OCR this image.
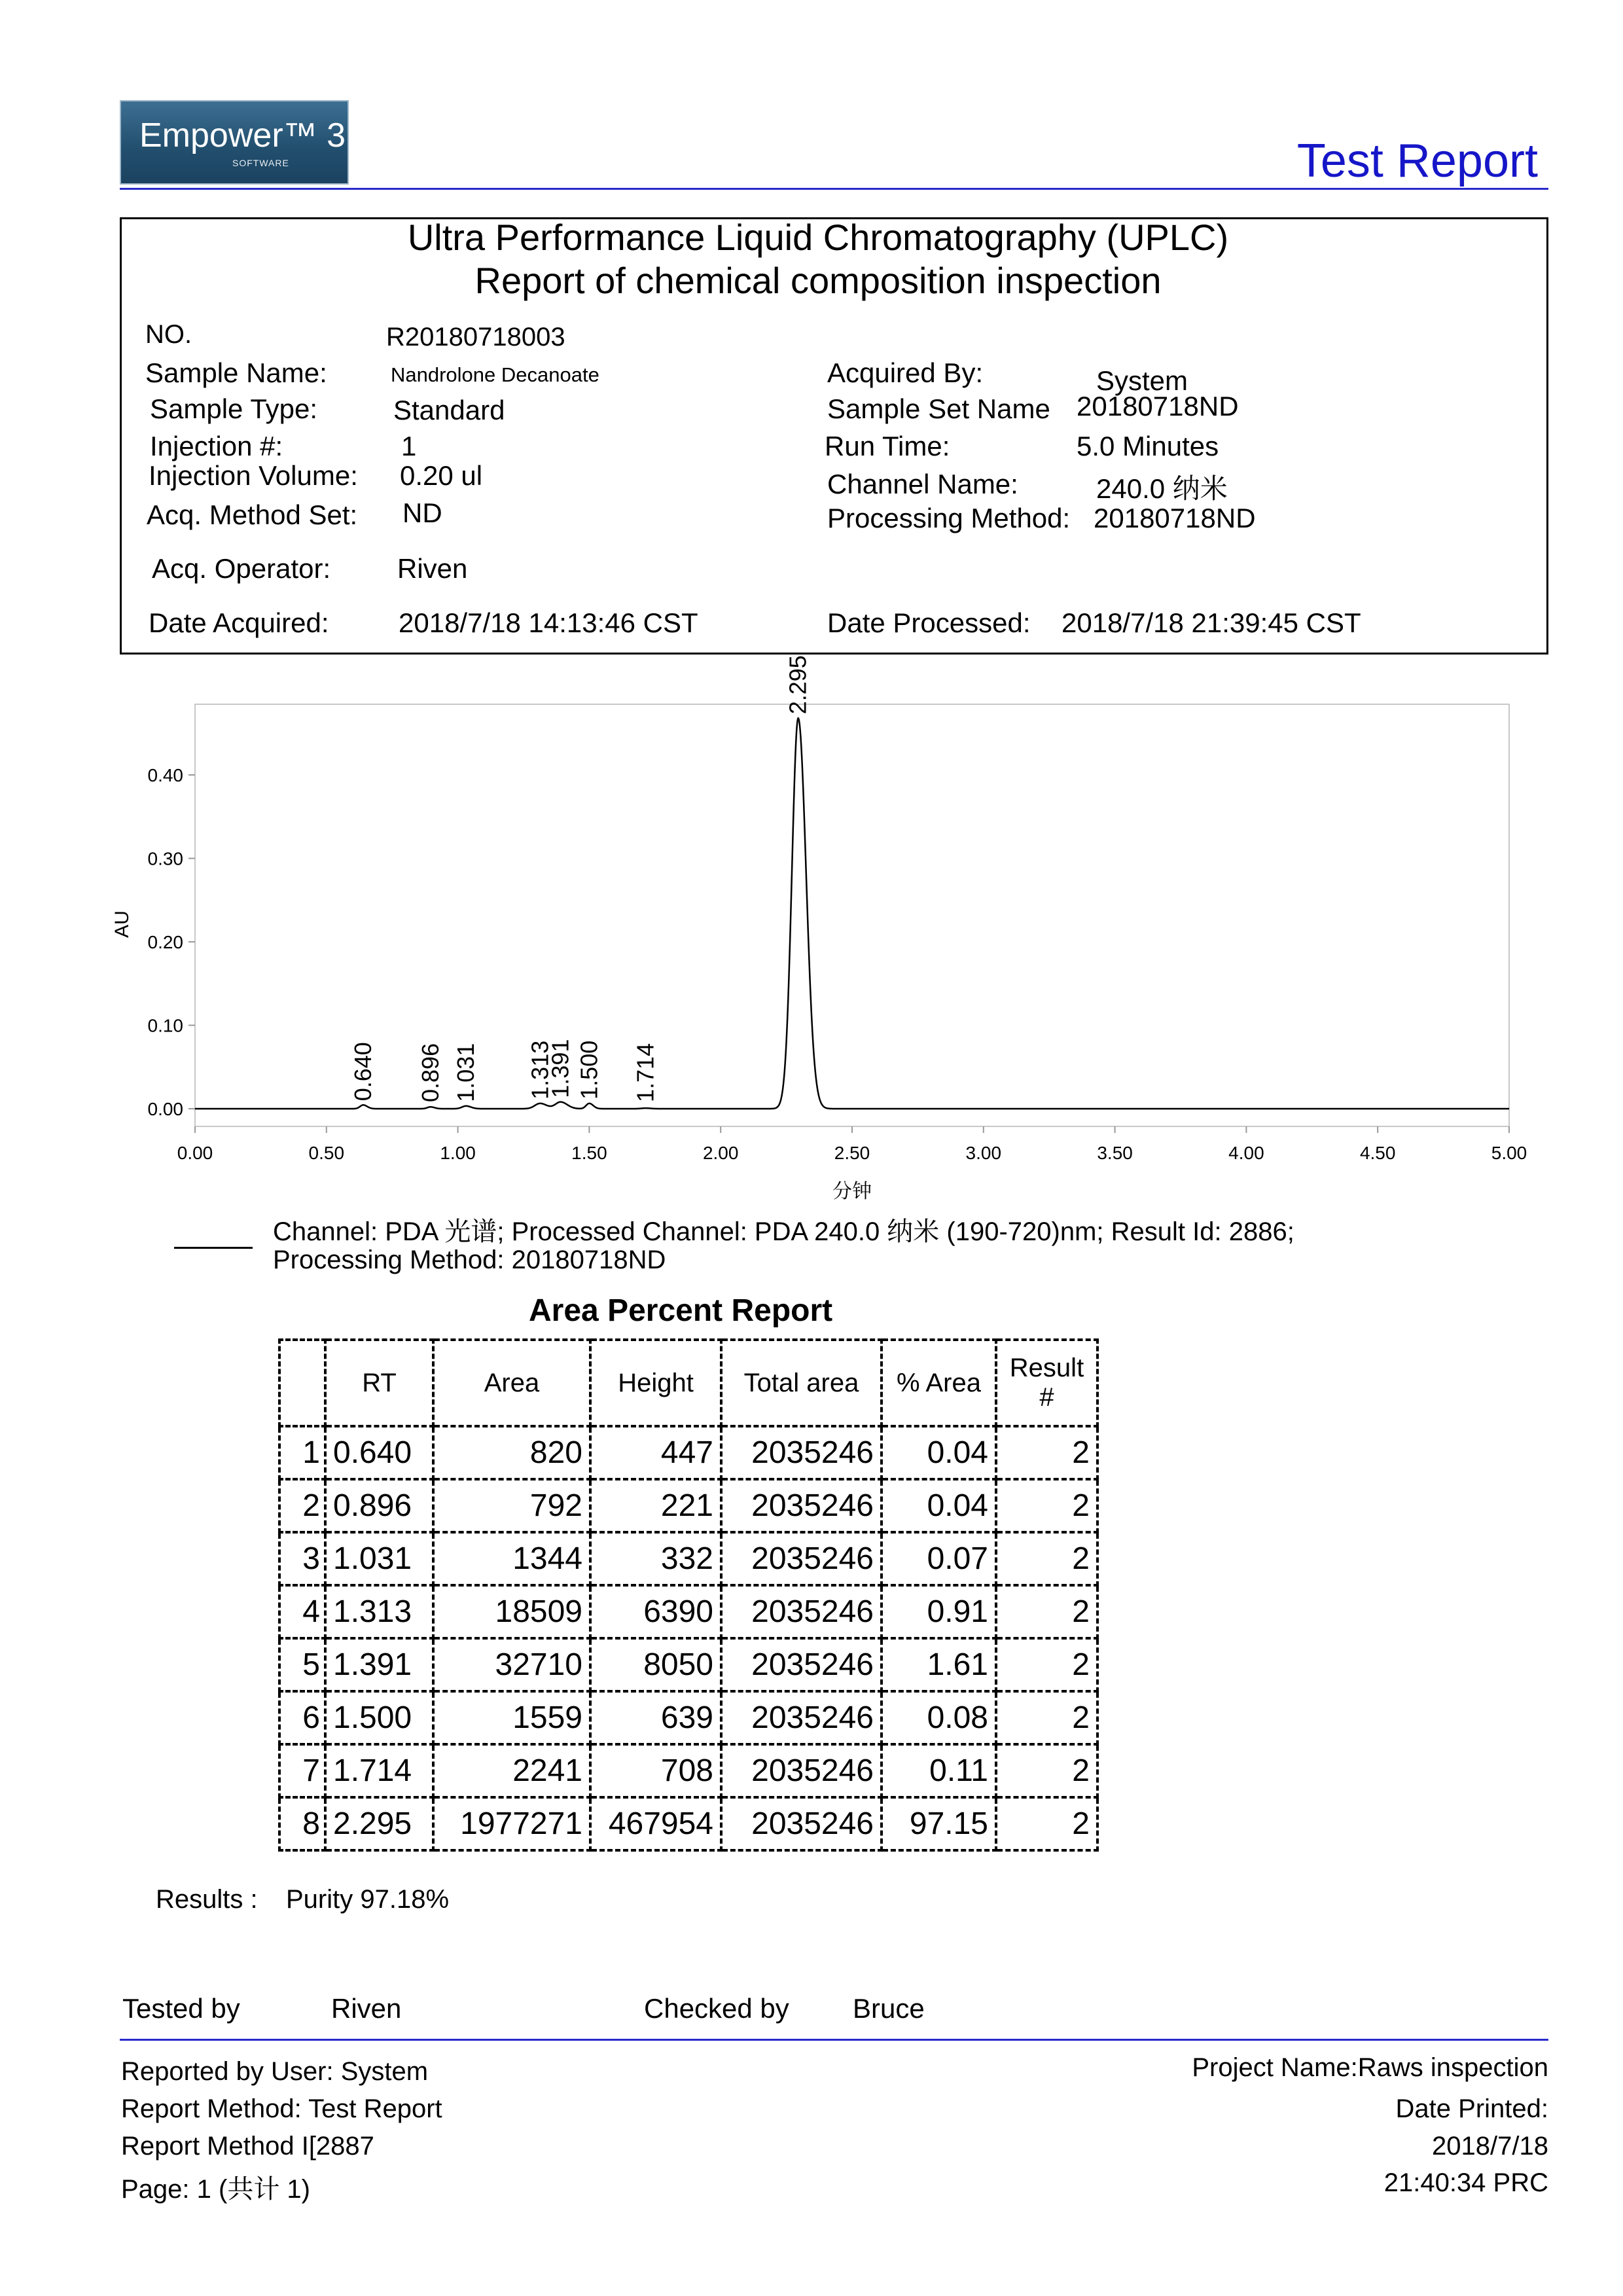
Empower™ 3
SOFTWARE	Test Report
Ultra Performance Liquid Chromatography (UPLC)
Report of chemical composition inspection
NO.	R20180718003
Sample Name:	Nandrolone Decanoate
Sample Type:	Standard
Injection #:	1
Injection Volume: 0.20 ul
Acq. Method Set: ND
Acq. Operator: Riven
Date Acquired:	2018/7/18 14:13:46 CST
Acquired By:	System
Sample Set Name 20180718ND
Run Time:	5.0 Minutes
Channel Name:	240.0 纳米
Processing Method: 20180718ND
Date Processed: 2018/7/18 21:39:45 CST
0.00	0.50	1.00	1.50	2.00	2.50	3.00	3.50	4.00	4.50	5.00
0.00
0.10
0.20
0.30
0.40
AU
分钟
0.640 0.896 1.031 1.313
1.391 1.500 1.714
2.295
Channel: PDA 光谱; Processed Channel: PDA 240.0 纳米 (190-720)nm; Result Id: 2886;
Processing Method: 20180718ND
Area Percent Report
	RT	Area	Height	Total area	% Area	Result
#
1	0.640	820	447	2035246	0.04	2
2	0.896	792	221	2035246	0.04	2
3	1.031	1344	332	2035246	0.07	2
4	1.313	18509	6390	2035246	0.91	2
5	1.391	32710	8050	2035246	1.61	2
6	1.500	1559	639	2035246	0.08	2
7	1.714	2241	708	2035246	0.11	2
8	2.295	1977271	467954	2035246	97.15	2
Results : Purity 97.18%
Tested by	Riven	Checked by Bruce
Reported by User: System
Report Method: Test Report
Report Method I[2887
Page: 1 (共计 1)
Project Name:Raws inspection
Date Printed:
2018/7/18
21:40:34 PRC
